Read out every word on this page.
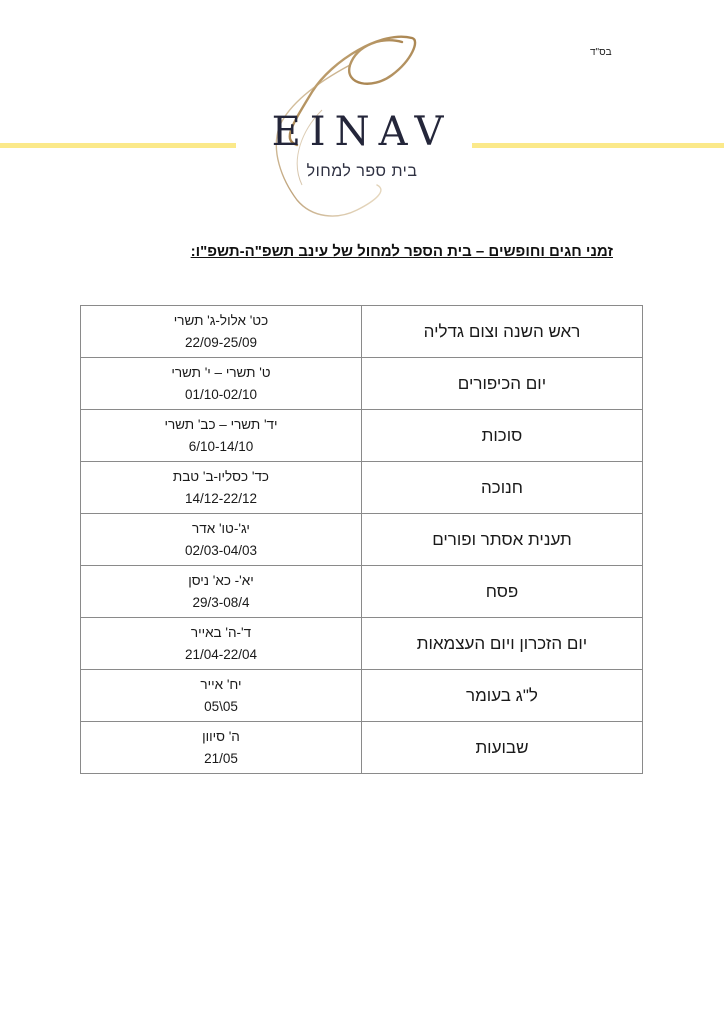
בס"ד
EINAV
בית ספר למחול
זמני חגים וחופשים – בית הספר למחול של עינב תשפ"ה-תשפ"ו:
ראש השנה וצום גדליה	כט' אלול-ג' תשרי
22/09-25/09

יום הכיפורים	ט' תשרי – י' תשרי
01/10-02/10

סוכות	יד' תשרי – כב' תשרי
6/10-14/10

חנוכה	כד' כסליו-ב' טבת
14/12-22/12

תענית אסתר ופורים	יג'-טו' אדר
02/03-04/03

פסח	יא'- כא' ניסן
29/3-08/4

יום הזכרון ויום העצמאות	ד'-ה' באייר
21/04-22/04

ל"ג בעומר	יח' אייר
05\05

שבועות	ה' סיוון
21/05
